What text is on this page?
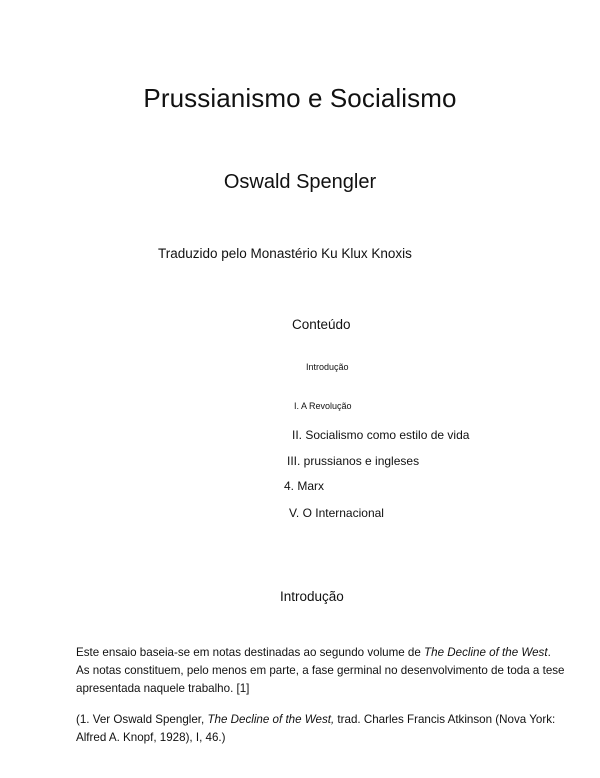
Prussianismo e Socialismo
Oswald Spengler
Traduzido pelo Monastério Ku Klux Knoxis
Conteúdo
Introdução
I. A Revolução
II. Socialismo como estilo de vida
III. prussianos e ingleses
4. Marx
V. O Internacional
Introdução

Este ensaio baseia-se em notas destinadas ao segundo volume de The Decline of the West. As notas constituem, pelo menos em parte, a fase germinal no desenvolvimento de toda a tese apresentada naquele trabalho. [1]

(1. Ver Oswald Spengler, The Decline of the West, trad. Charles Francis Atkinson (Nova York: Alfred A. Knopf, 1928), I, 46.)
